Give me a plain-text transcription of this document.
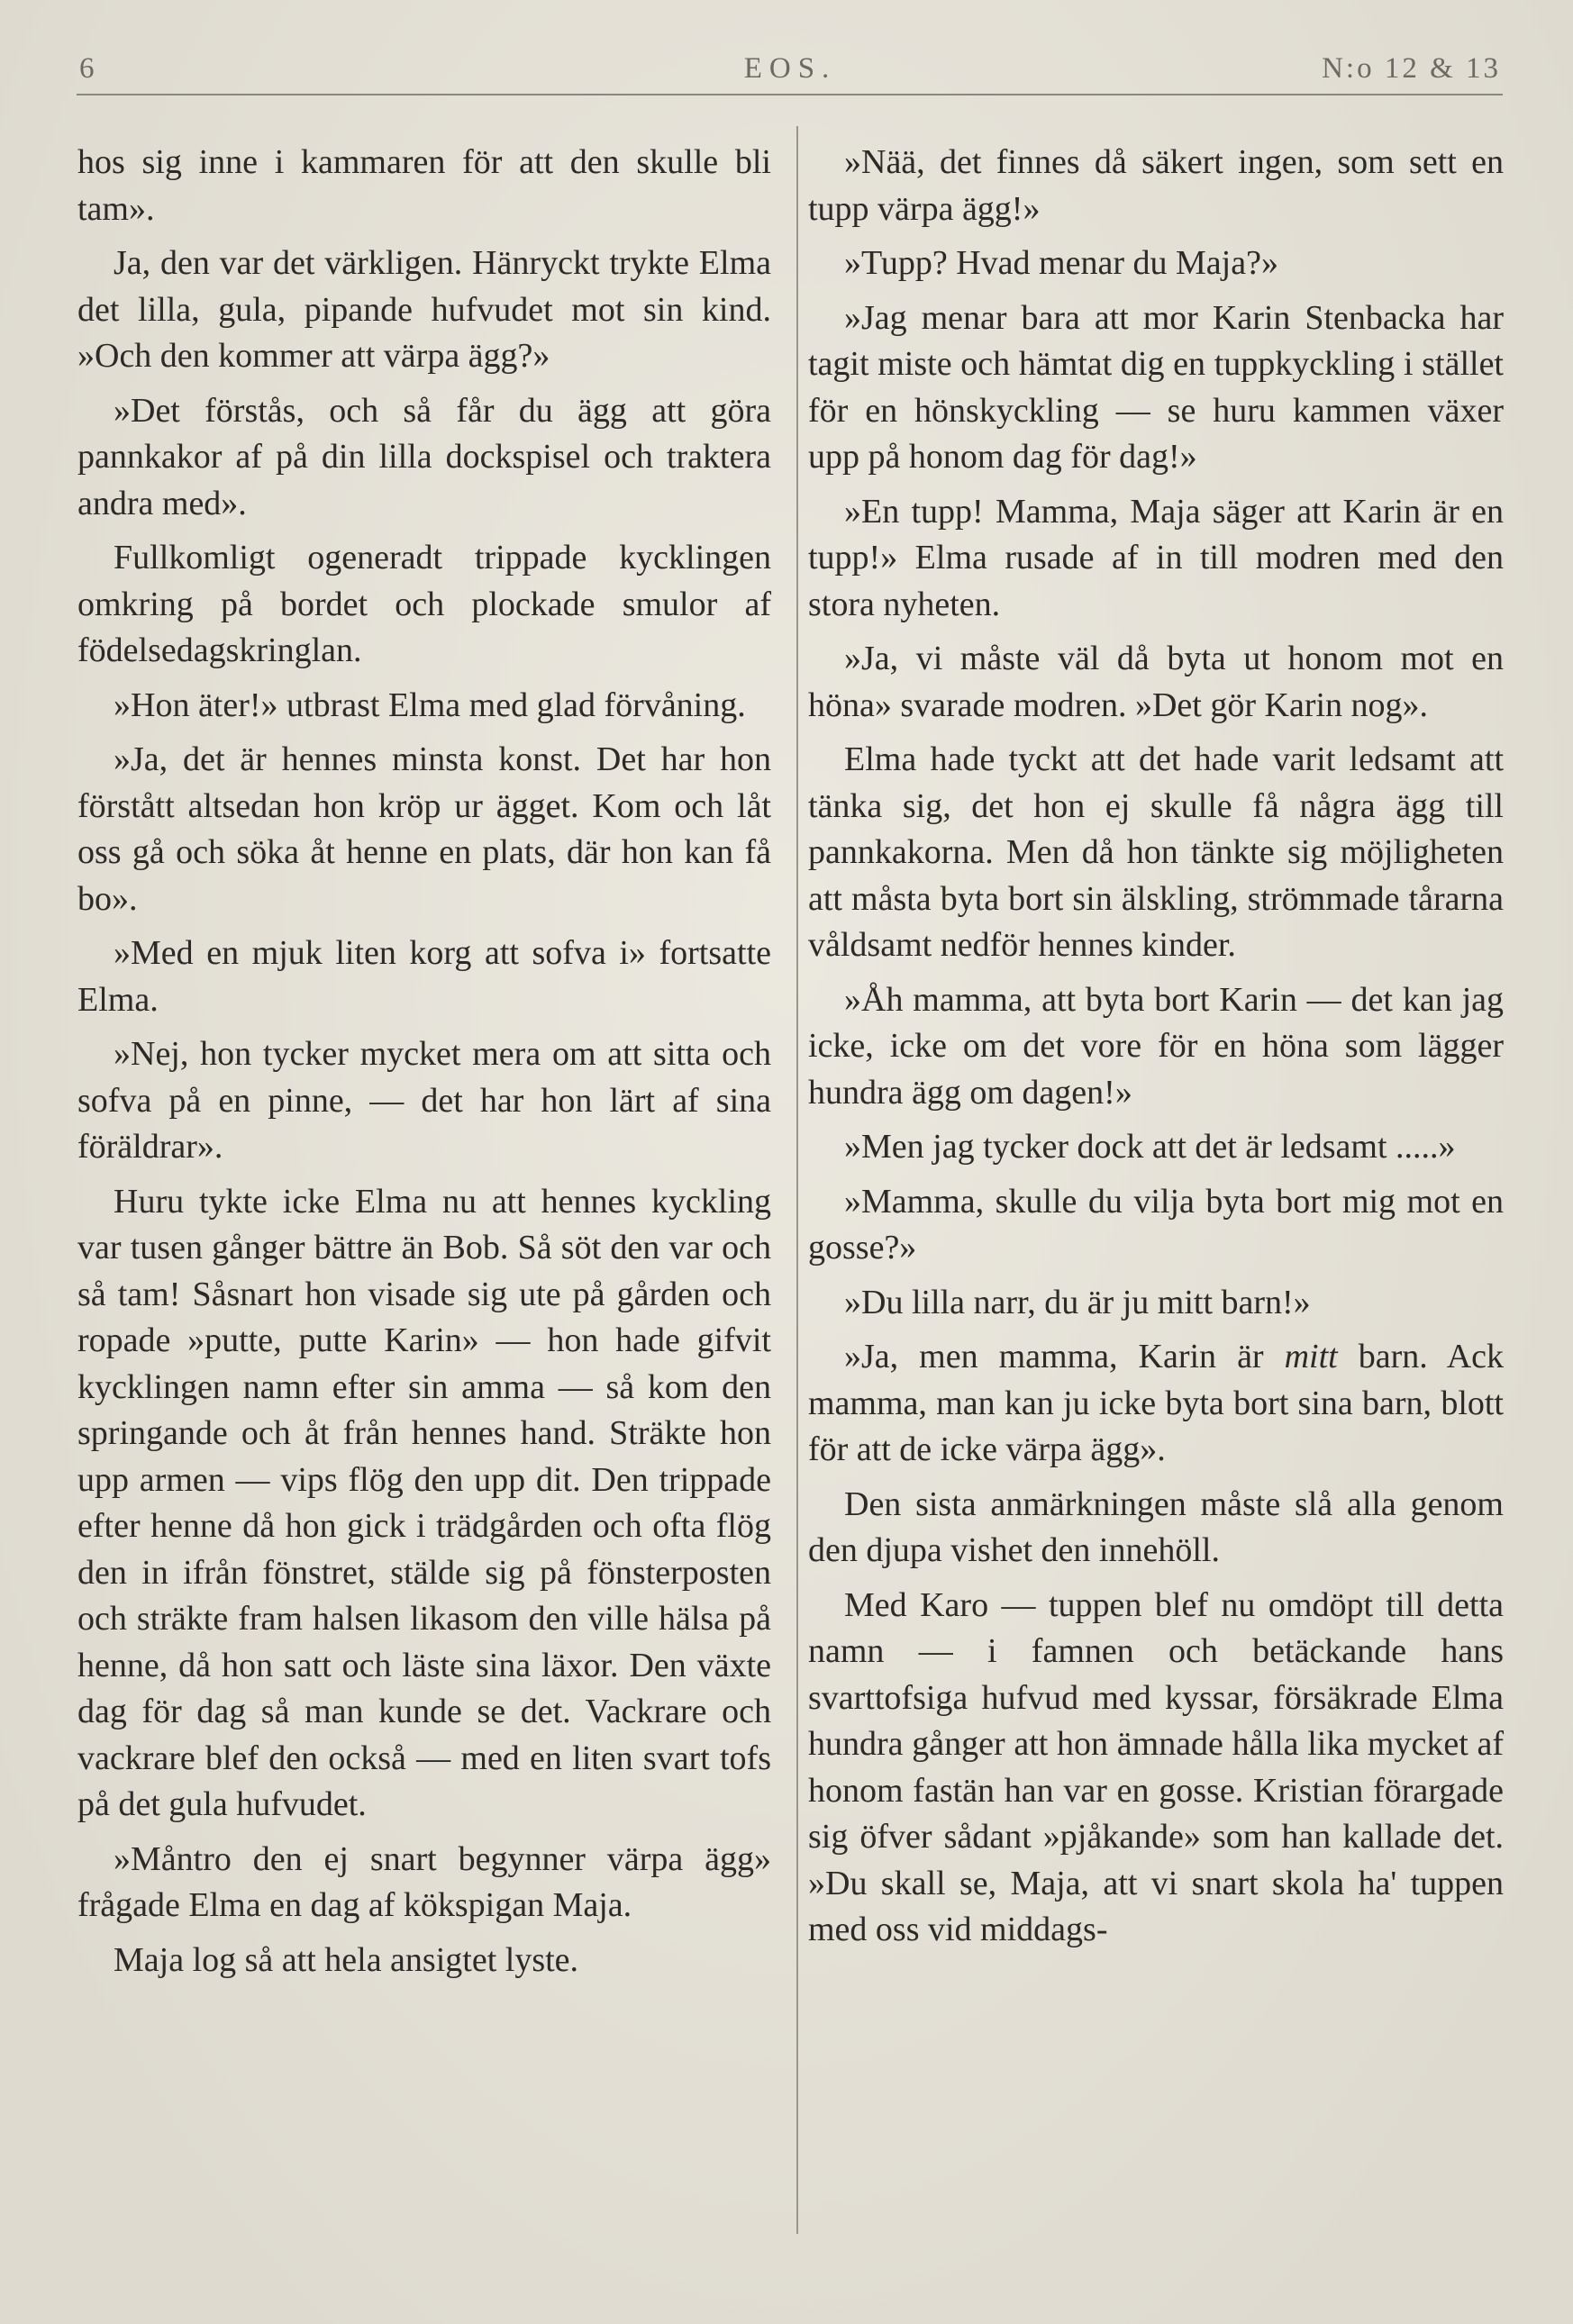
6	EOS.	N:o 12 & 13

hos sig inne i kammaren för att den skulle bli tam».

Ja, den var det värkligen. Hänryckt trykte Elma det lilla, gula, pipande hufvudet mot sin kind. »Och den kommer att värpa ägg?»

»Det förstås, och så får du ägg att göra pannkakor af på din lilla dockspisel och traktera andra med».

Fullkomligt ogeneradt trippade kycklingen omkring på bordet och plockade smulor af födelsedagskringlan.

»Hon äter!» utbrast Elma med glad förvåning.

»Ja, det är hennes minsta konst. Det har hon förstått altsedan hon kröp ur ägget. Kom och låt oss gå och söka åt henne en plats, där hon kan få bo».

»Med en mjuk liten korg att sofva i» fortsatte Elma.

»Nej, hon tycker mycket mera om att sitta och sofva på en pinne, — det har hon lärt af sina föräldrar».

Huru tykte icke Elma nu att hennes kyckling var tusen gånger bättre än Bob. Så söt den var och så tam! Såsnart hon visade sig ute på gården och ropade »putte, putte Karin» — hon hade gifvit kycklingen namn efter sin amma — så kom den springande och åt från hennes hand. Sträkte hon upp armen — vips flög den upp dit. Den trippade efter henne då hon gick i trädgården och ofta flög den in ifrån fönstret, stälde sig på fönsterposten och sträkte fram halsen likasom den ville hälsa på henne, då hon satt och läste sina läxor. Den växte dag för dag så man kunde se det. Vackrare och vackrare blef den också — med en liten svart tofs på det gula hufvudet.

»Måntro den ej snart begynner värpa ägg» frågade Elma en dag af kökspigan Maja.

Maja log så att hela ansigtet lyste.

»Nää, det finnes då säkert ingen, som sett en tupp värpa ägg!»

»Tupp? Hvad menar du Maja?»

»Jag menar bara att mor Karin Stenbacka har tagit miste och hämtat dig en tuppkyckling i stället för en hönskyckling — se huru kammen växer upp på honom dag för dag!»

»En tupp! Mamma, Maja säger att Karin är en tupp!» Elma rusade af in till modren med den stora nyheten.

»Ja, vi måste väl då byta ut honom mot en höna» svarade modren. »Det gör Karin nog».

Elma hade tyckt att det hade varit ledsamt att tänka sig, det hon ej skulle få några ägg till pannkakorna. Men då hon tänkte sig möjligheten att måsta byta bort sin älskling, strömmade tårarna våldsamt nedför hennes kinder.

»Åh mamma, att byta bort Karin — det kan jag icke, icke om det vore för en höna som lägger hundra ägg om dagen!»

»Men jag tycker dock att det är ledsamt .....»

»Mamma, skulle du vilja byta bort mig mot en gosse?»

»Du lilla narr, du är ju mitt barn!»

»Ja, men mamma, Karin är mitt barn. Ack mamma, man kan ju icke byta bort sina barn, blott för att de icke värpa ägg».

Den sista anmärkningen måste slå alla genom den djupa vishet den innehöll.

Med Karo — tuppen blef nu omdöpt till detta namn — i famnen och betäckande hans svarttofsiga hufvud med kyssar, försäkrade Elma hundra gånger att hon ämnade hålla lika mycket af honom fastän han var en gosse. Kristian förargade sig öfver sådant »pjåkande» som han kallade det. »Du skall se, Maja, att vi snart skola ha' tuppen med oss vid middags-
